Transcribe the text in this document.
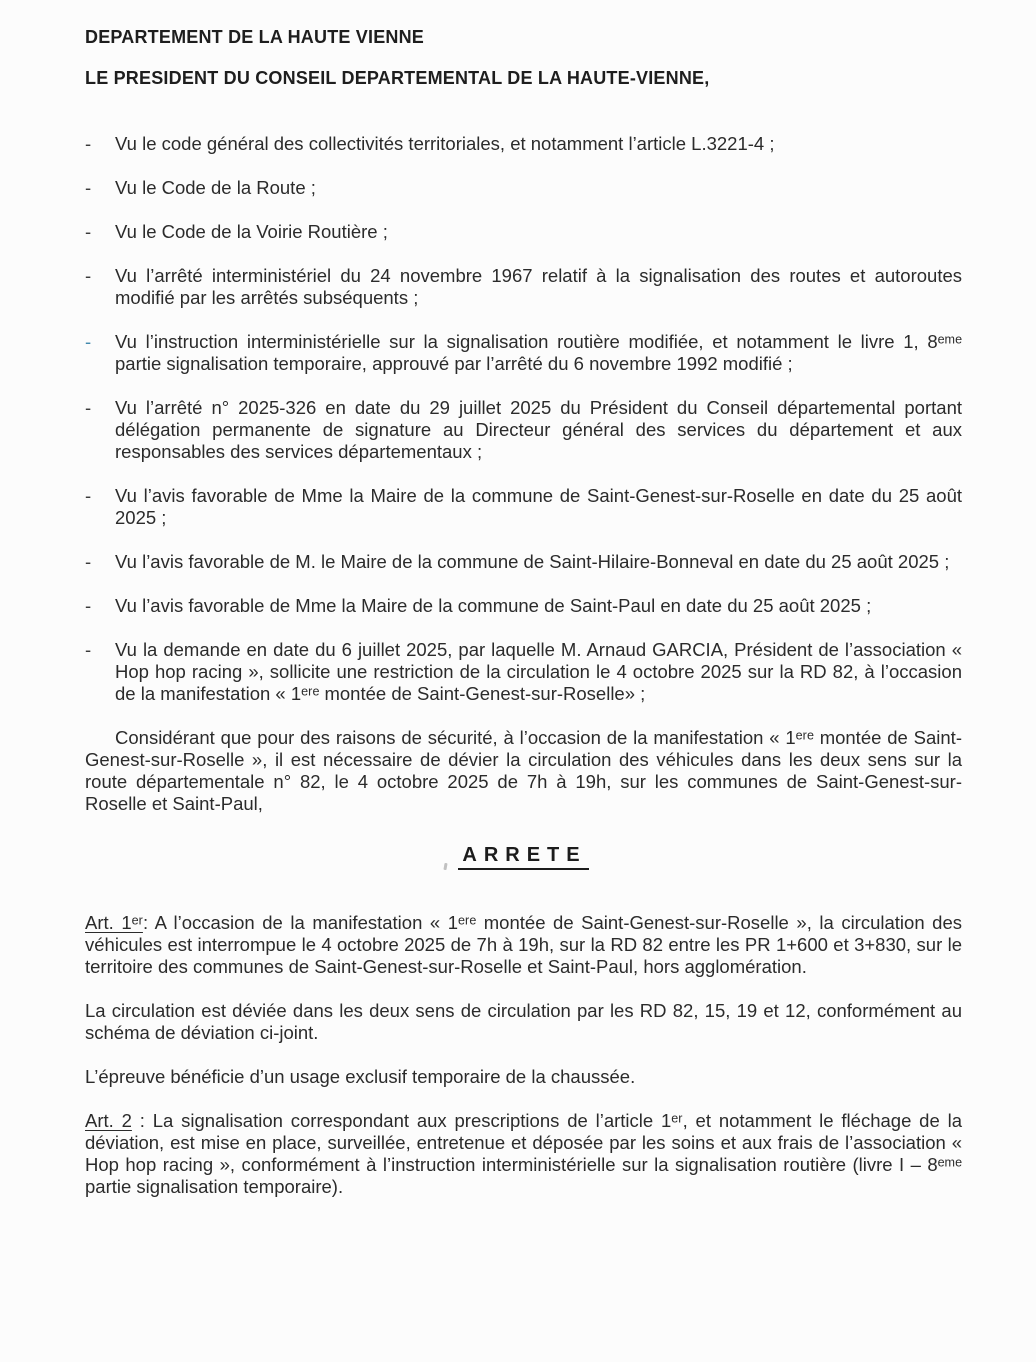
DEPARTEMENT DE LA HAUTE VIENNE

LE PRESIDENT DU CONSEIL DEPARTEMENTAL DE LA HAUTE-VIENNE,

-	Vu le code général des collectivités territoriales, et notamment l’article L.3221-4 ;
-	Vu le Code de la Route ;
-	Vu le Code de la Voirie Routière ;
-	Vu l’arrêté interministériel du 24 novembre 1967 relatif à la signalisation des routes et autoroutes modifié par les arrêtés subséquents ;
-	Vu l’instruction interministérielle sur la signalisation routière modifiée, et notamment le livre 1, 8ᵉᵐᵉ partie signalisation temporaire, approuvé par l’arrêté du 6 novembre 1992 modifié ;
-	Vu l’arrêté n° 2025-326 en date du 29 juillet 2025 du Président du Conseil départemental portant délégation permanente de signature au Directeur général des services du département et aux responsables des services départementaux ;
-	Vu l’avis favorable de Mme la Maire de la commune de Saint-Genest-sur-Roselle en date du 25 août 2025 ;
-	Vu l’avis favorable de M. le Maire de la commune de Saint-Hilaire-Bonneval en date du 25 août 2025 ;
-	Vu l’avis favorable de Mme la Maire de la commune de Saint-Paul en date du 25 août 2025 ;
-	Vu la demande en date du 6 juillet 2025, par laquelle M. Arnaud GARCIA, Président de l’association « Hop hop racing », sollicite une restriction de la circulation le 4 octobre 2025 sur la RD 82, à l’occasion de la manifestation « 1ᵉʳᵉ montée de Saint-Genest-sur-Roselle» ;

Considérant que pour des raisons de sécurité, à l’occasion de la manifestation « 1ᵉʳᵉ montée de Saint-Genest-sur-Roselle », il est nécessaire de dévier la circulation des véhicules dans les deux sens sur la route départementale n° 82, le 4 octobre 2025 de 7h à 19h, sur les communes de Saint-Genest-sur-Roselle et Saint-Paul,

ARRETE

Art. 1ᵉʳ: A l’occasion de la manifestation « 1ᵉʳᵉ montée de Saint-Genest-sur-Roselle », la circulation des véhicules est interrompue le 4 octobre 2025 de 7h à 19h, sur la RD 82 entre les PR 1+600 et 3+830, sur le territoire des communes de Saint-Genest-sur-Roselle et Saint-Paul, hors agglomération.

La circulation est déviée dans les deux sens de circulation par les RD 82, 15, 19 et 12, conformément au schéma de déviation ci-joint.

L’épreuve bénéficie d’un usage exclusif temporaire de la chaussée.

Art. 2 : La signalisation correspondant aux prescriptions de l’article 1ᵉʳ, et notamment le fléchage de la déviation, est mise en place, surveillée, entretenue et déposée par les soins et aux frais de l’association « Hop hop racing », conformément à l’instruction interministérielle sur la signalisation routière (livre I – 8ᵉᵐᵉ partie signalisation temporaire).
